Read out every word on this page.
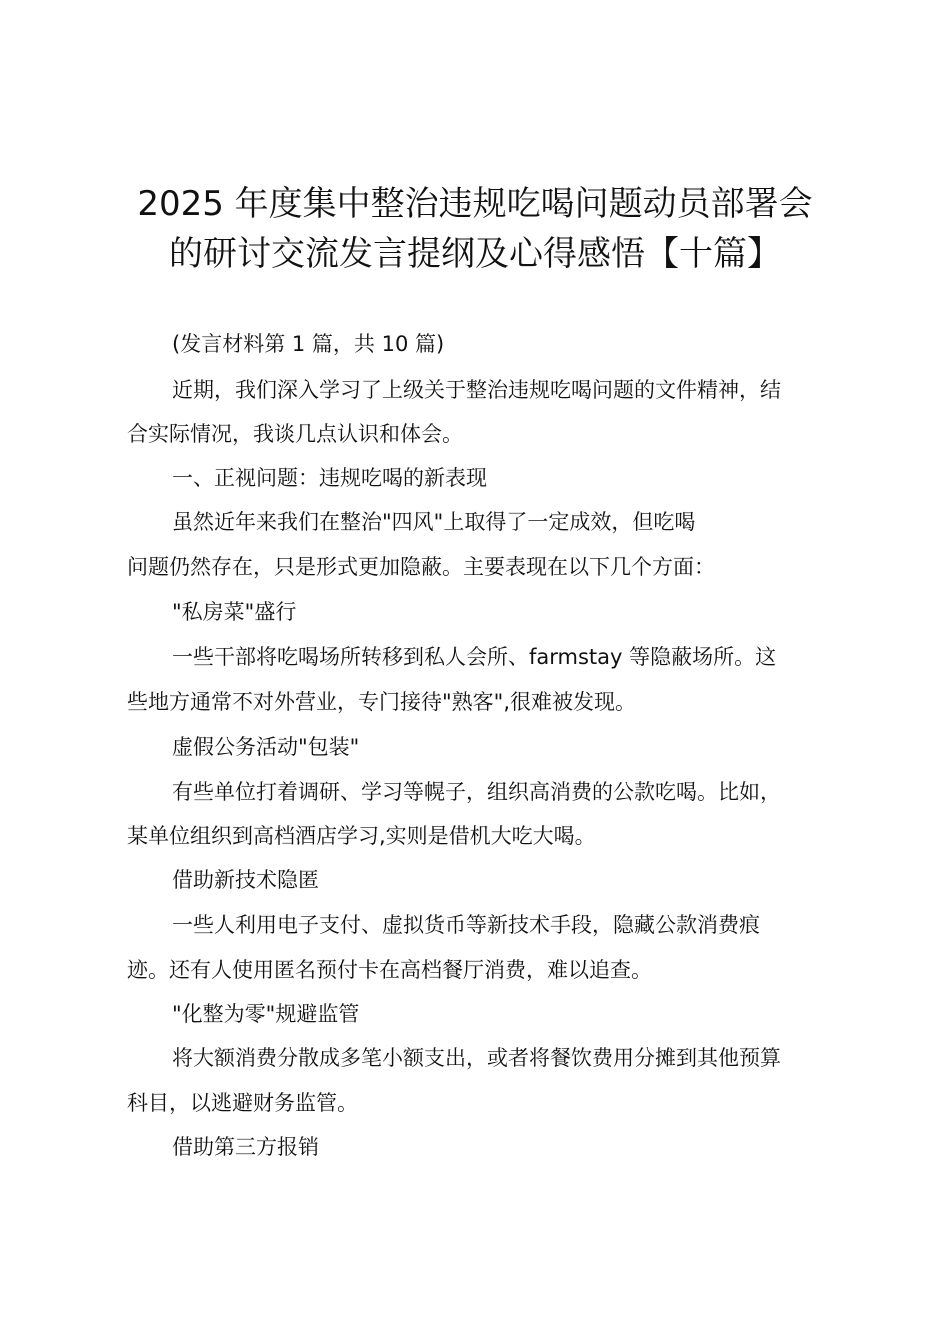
2025 年度集中整治违规吃喝问题动员部署会
的研讨交流发言提纲及心得感悟【十篇】
(发言材料第 1 篇，共 10 篇)
近期，我们深入学习了上级关于整治违规吃喝问题的文件精神，结
合实际情况，我谈几点认识和体会。
一、正视问题：违规吃喝的新表现
虽然近年来我们在整治"四风"上取得了一定成效，但吃喝
问题仍然存在，只是形式更加隐蔽。主要表现在以下几个方面：
"私房菜"盛行
一些干部将吃喝场所转移到私人会所、farmstay 等隐蔽场所。这
些地方通常不对外营业，专门接待"熟客",很难被发现。
虚假公务活动"包装"
有些单位打着调研、学习等幌子，组织高消费的公款吃喝。比如，
某单位组织到高档酒店学习,实则是借机大吃大喝。
借助新技术隐匿
一些人利用电子支付、虚拟货币等新技术手段，隐藏公款消费痕
迹。还有人使用匿名预付卡在高档餐厅消费，难以追查。
"化整为零"规避监管
将大额消费分散成多笔小额支出，或者将餐饮费用分摊到其他预算
科目，以逃避财务监管。
借助第三方报销
